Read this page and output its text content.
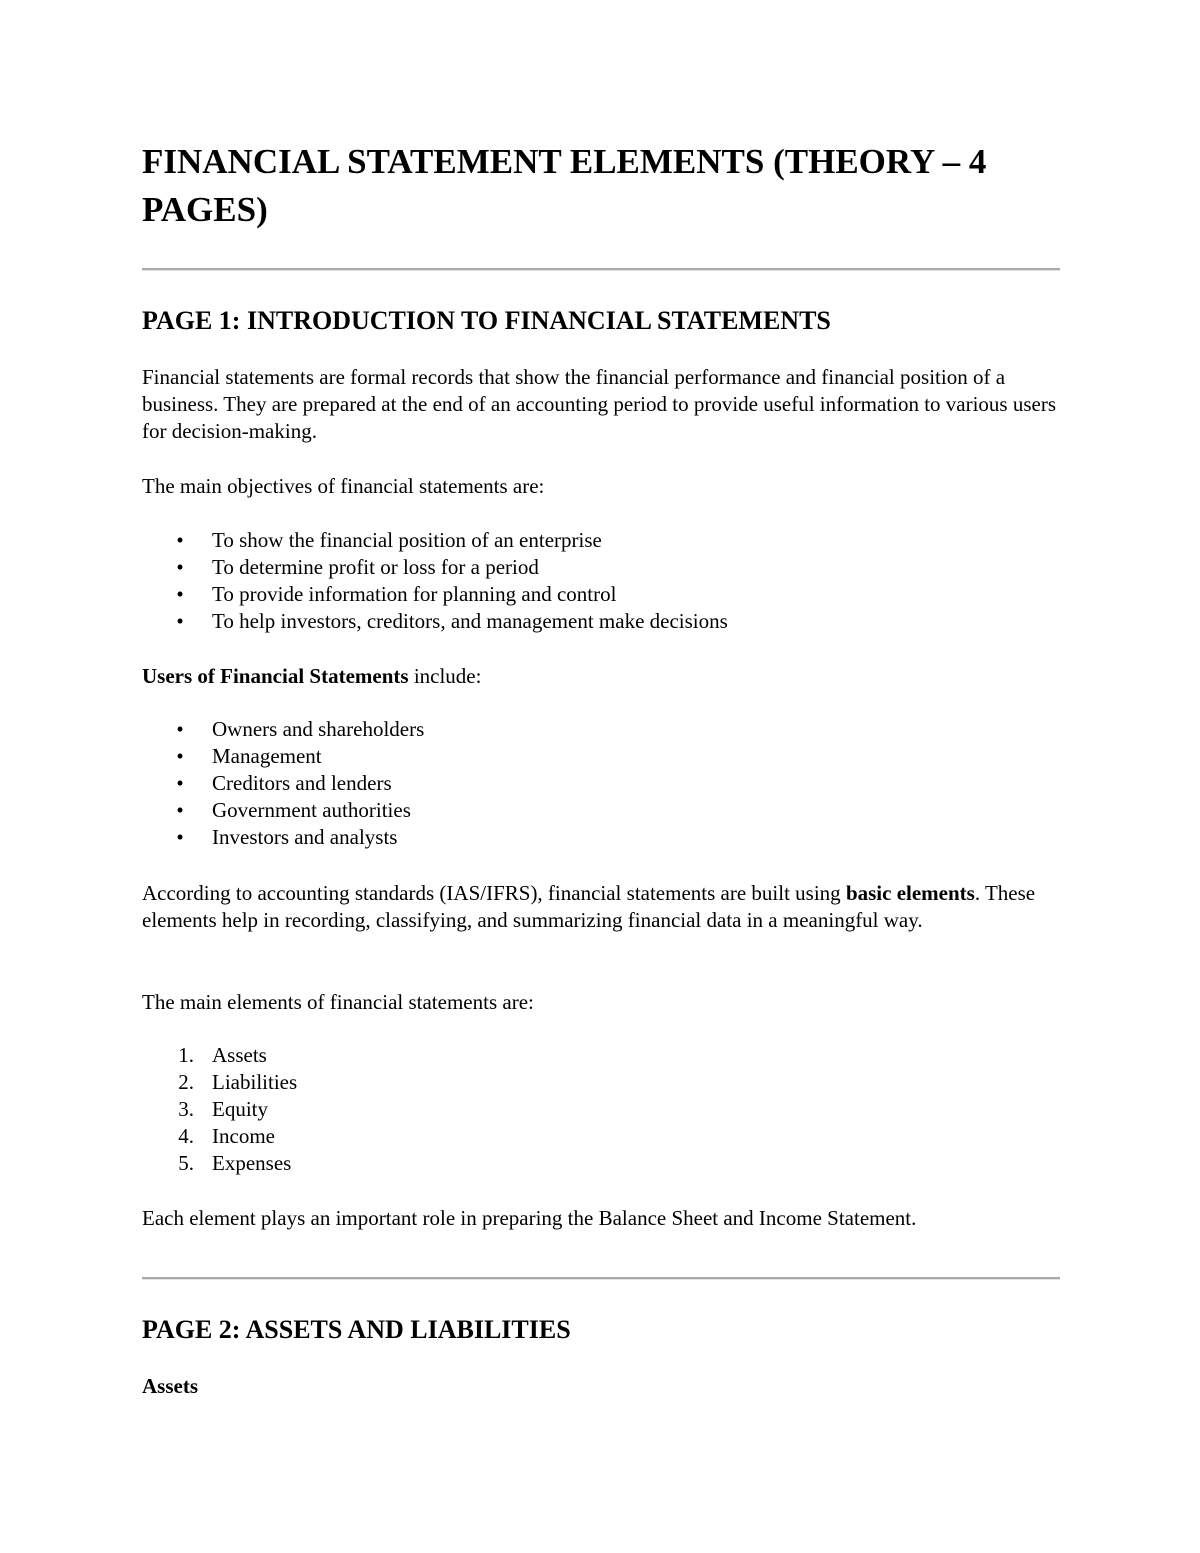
FINANCIAL STATEMENT ELEMENTS (THEORY – 4 PAGES)
PAGE 1: INTRODUCTION TO FINANCIAL STATEMENTS

Financial statements are formal records that show the financial performance and financial position of a business. They are prepared at the end of an accounting period to provide useful information to various users for decision-making.

The main objectives of financial statements are:

• To show the financial position of an enterprise
• To determine profit or loss for a period
• To provide information for planning and control
• To help investors, creditors, and management make decisions

Users of Financial Statements include:

• Owners and shareholders
• Management
• Creditors and lenders
• Government authorities
• Investors and analysts

According to accounting standards (IAS/IFRS), financial statements are built using basic elements. These elements help in recording, classifying, and summarizing financial data in a meaningful way.

The main elements of financial statements are:

1. Assets
2. Liabilities
3. Equity
4. Income
5. Expenses

Each element plays an important role in preparing the Balance Sheet and Income Statement.

PAGE 2: ASSETS AND LIABILITIES
Assets
